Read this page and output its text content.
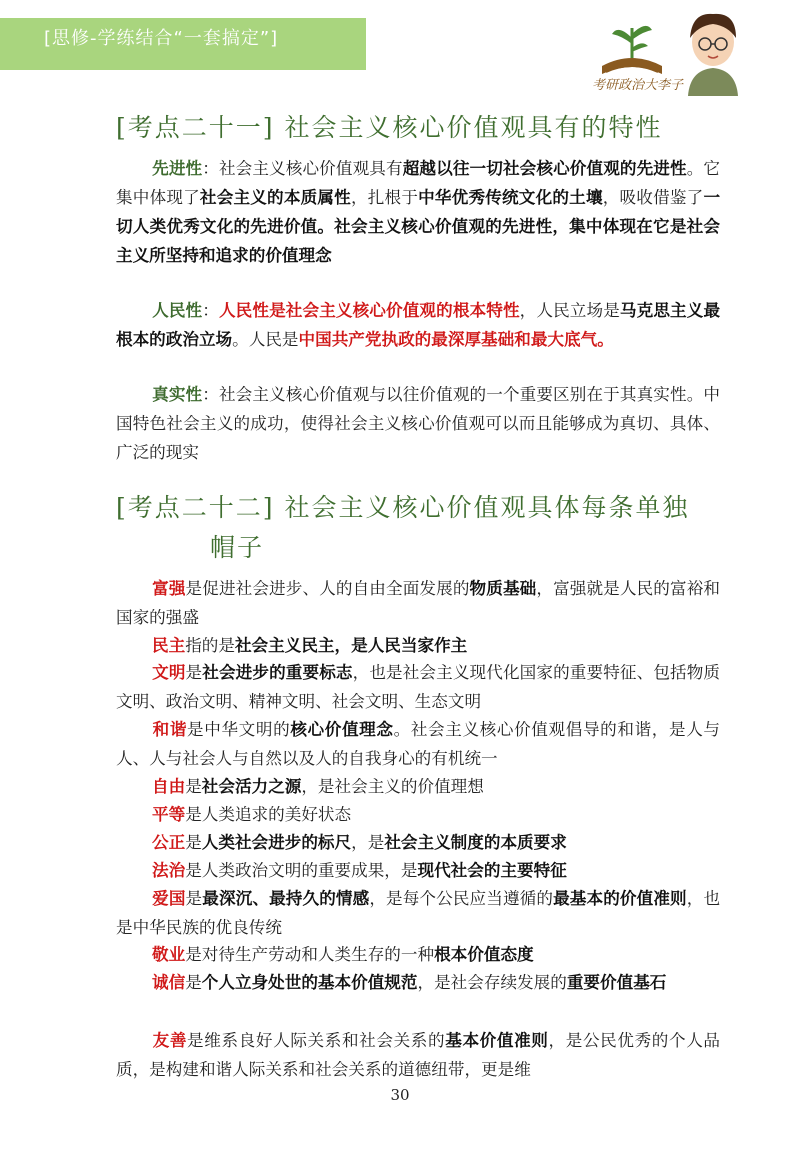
[思修-学练结合“一套搞定”]
考研政治大李子
[考点二十一] 社会主义核心价值观具有的特性
先进性：社会主义核心价值观具有超越以往一切社会核心价值观的先进性。它集中体现了社会主义的本质属性，扎根于中华优秀传统文化的土壤，吸收借鉴了一切人类优秀文化的先进价值。社会主义核心价值观的先进性，集中体现在它是社会主义所坚持和追求的价值理念
人民性：人民性是社会主义核心价值观的根本特性，人民立场是马克思主义最根本的政治立场。人民是中国共产党执政的最深厚基础和最大底气。
真实性：社会主义核心价值观与以往价值观的一个重要区别在于其真实性。中国特色社会主义的成功，使得社会主义核心价值观可以而且能够成为真切、具体、广泛的现实
[考点二十二] 社会主义核心价值观具体每条单独
帽子
富强是促进社会进步、人的自由全面发展的物质基础，富强就是人民的富裕和国家的强盛
民主指的是社会主义民主，是人民当家作主
文明是社会进步的重要标志，也是社会主义现代化国家的重要特征、包括物质文明、政治文明、精神文明、社会文明、生态文明
和谐是中华文明的核心价值理念。社会主义核心价值观倡导的和谐，是人与人、人与社会人与自然以及人的自我身心的有机统一
自由是社会活力之源，是社会主义的价值理想
平等是人类追求的美好状态
公正是人类社会进步的标尺，是社会主义制度的本质要求
法治是人类政治文明的重要成果，是现代社会的主要特征
爱国是最深沉、最持久的情感，是每个公民应当遵循的最基本的价值准则，也是中华民族的优良传统
敬业是对待生产劳动和人类生存的一种根本价值态度
诚信是个人立身处世的基本价值规范，是社会存续发展的重要价值基石
友善是维系良好人际关系和社会关系的基本价值准则，是公民优秀的个人品质，是构建和谐人际关系和社会关系的道德纽带，更是维
30
